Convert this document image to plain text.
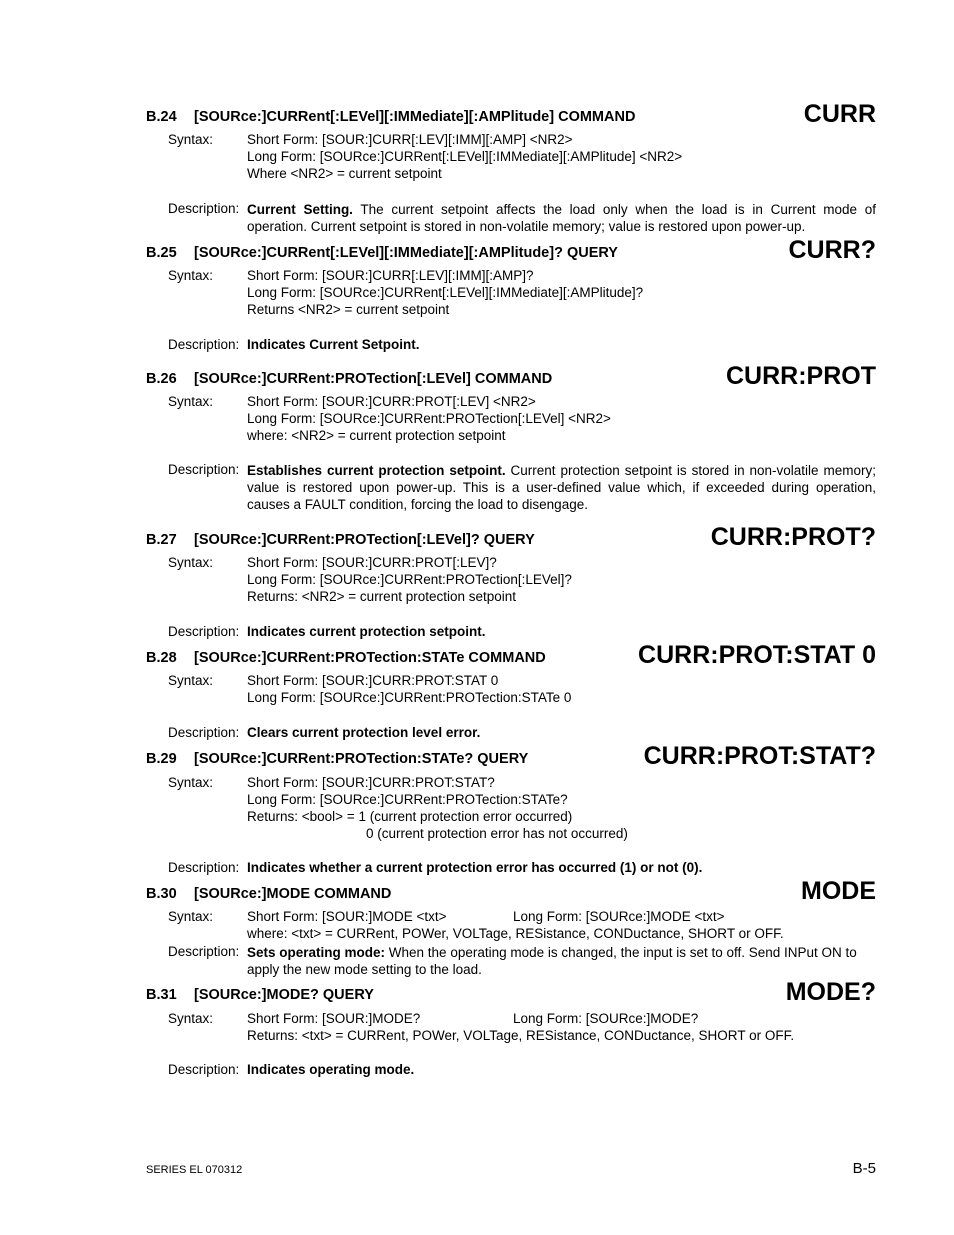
B.24 [SOURce:]CURRent[:LEVel][:IMMediate][:AMPlitude] COMMAND	CURR
Syntax:	Short Form: [SOUR:]CURR[:LEV][:IMM][:AMP] <NR2>
Long Form: [SOURce:]CURRent[:LEVel][:IMMediate][:AMPlitude] <NR2>
Where <NR2> = current setpoint
Description: Current Setting. The current setpoint affects the load only when the load is in Current mode of operation. Current setpoint is stored in non-volatile memory; value is restored upon power-up.
B.25 [SOURce:]CURRent[:LEVel][:IMMediate][:AMPlitude]? QUERY	CURR?
Syntax:	Short Form: [SOUR:]CURR[:LEV][:IMM][:AMP]?
Long Form: [SOURce:]CURRent[:LEVel][:IMMediate][:AMPlitude]?
Returns <NR2> = current setpoint
Description: Indicates Current Setpoint.
B.26 [SOURce:]CURRent:PROTection[:LEVel] COMMAND	CURR:PROT
Syntax:	Short Form: [SOUR:]CURR:PROT[:LEV] <NR2>
Long Form: [SOURce:]CURRent:PROTection[:LEVel] <NR2>
where: <NR2> = current protection setpoint
Description: Establishes current protection setpoint. Current protection setpoint is stored in non-volatile memory; value is restored upon power-up. This is a user-defined value which, if exceeded during operation, causes a FAULT condition, forcing the load to disengage.
B.27 [SOURce:]CURRent:PROTection[:LEVel]? QUERY	CURR:PROT?
Syntax:	Short Form: [SOUR:]CURR:PROT[:LEV]?
Long Form: [SOURce:]CURRent:PROTection[:LEVel]?
Returns: <NR2> = current protection setpoint
Description: Indicates current protection setpoint.
B.28 [SOURce:]CURRent:PROTection:STATe COMMAND	CURR:PROT:STAT 0
Syntax:	Short Form: [SOUR:]CURR:PROT:STAT 0
Long Form: [SOURce:]CURRent:PROTection:STATe 0
Description: Clears current protection level error.
B.29 [SOURce:]CURRent:PROTection:STATe? QUERY	CURR:PROT:STAT?
Syntax:	Short Form: [SOUR:]CURR:PROT:STAT?
Long Form: [SOURce:]CURRent:PROTection:STATe?
Returns: <bool> = 1 (current protection error occurred)
0 (current protection error has not occurred)
Description: Indicates whether a current protection error has occurred (1) or not (0).
B.30 [SOURce:]MODE COMMAND	MODE
Syntax:	Short Form: [SOUR:]MODE <txt>	Long Form: [SOURce:]MODE <txt>
where: <txt> = CURRent, POWer, VOLTage, RESistance, CONDuctance, SHORT or OFF.
Description: Sets operating mode: When the operating mode is changed, the input is set to off. Send INPut ON to apply the new mode setting to the load.
B.31 [SOURce:]MODE? QUERY	MODE?
Syntax:	Short Form: [SOUR:]MODE?	Long Form: [SOURce:]MODE?
Returns: <txt> = CURRent, POWer, VOLTage, RESistance, CONDuctance, SHORT or OFF.
Description: Indicates operating mode.
SERIES EL 070312	B-5
